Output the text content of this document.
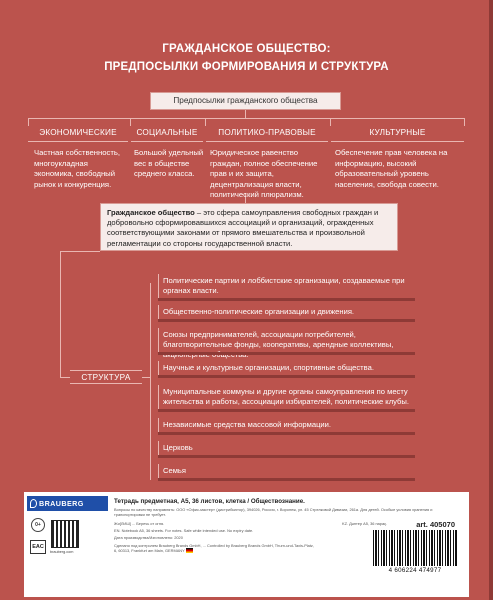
ГРАЖДАНСКОЕ ОБЩЕСТВО:
ПРЕДПОСЫЛКИ ФОРМИРОВАНИЯ И СТРУКТУРА
Предпосылки гражданского общества
ЭКОНОМИЧЕСКИЕ
Частная собственность, многоукладная экономика, свободный рынок и конкуренция.
СОЦИАЛЬНЫЕ
Большой удельный вес в обществе среднего класса.
ПОЛИТИКО-ПРАВОВЫЕ
Юридическое равенство граждан, полное обеспечение прав и их защита, децентрализация власти, политический плюрализм.
КУЛЬТУРНЫЕ
Обеспечение прав человека на информацию, высокий образовательный уровень населения, свобода совести.
Гражданское общество – это сфера самоуправления свободных граждан и добровольно сформировавшихся ассоциаций и организаций, огражденных соответствующими законами от прямого вмешательства и произвольной регламентации со стороны государственной власти.
СТРУКТУРА
Политические партии и лоббистские организации, создаваемые при органах власти.
Общественно-политические организации и движения.
Союзы предпринимателей, ассоциации потребителей, благотворительные фонды, кооперативы, арендные коллективы,
Научные и культурные организации, спортивные общества.
Муниципальные коммуны и другие органы самоуправления по месту жительства и работы, ассоциации избирателей, политические клубы.
Независимые средства массовой информации.
Церковь
Семья
BRAUBERG	Тетрадь предметная, А5, 36 листов, клетка / Обществознание.
Вопросы по качеству направлять: ООО «Офис-мастер» (дистрибьютор), 394026, Россия, г. Воронеж, ул. 45 Стрелковой Дивизии, 261а. Для детей. Особые условия хранения и транспортировки не требует.
Жи[ЛИШ] ... Беречь от огня.
EN. Notebook A5, 36 sheets. For notes. Safe while intended use. No expiry date.
Дата производства/Изготовлено: 2020
Сделано под контролем Brauberg Brands GmbH, ... Controlled by Brauberg Brands GmbH, Thurn-und-Taxis-Platz, 6, 60313, Frankfurt am Main, GERMANY
KZ. Дәптер А5, 36 парақ.
0+
EAC
brauberg.com
art. 405070
4 606224 474977
